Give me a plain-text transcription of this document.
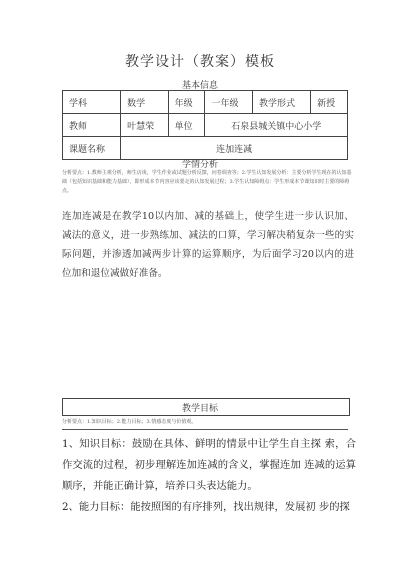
教学设计（教案）模板
基本信息
学科	数学	年级	一年级	教学形式	新授
教师	叶慧荣	单位	石泉县城关镇中心小学		
课题名称	连加连减				
学情分析
分析要点：1.教师主观分析，师生访谈，学生作业或试题分析反馈，问卷调查等；2.学生认知发展分析：主要分析学生现在的认知基础（包括知识基础和能力基础），即形成本节内容应该要走的认知发展过程；3.学生认知障碍点：学生形成本节课知识时主要的障碍点。
连加连减是在教学10以内加、减的基础上，使学生进一步认识加、 减法的意义，进一步熟练加、减法的口算，学习解决稍复杂一些的实 际问题，并渗透加减两步计算的运算顺序，为后面学习20以内的进 位加和退位减做好准备。
教学目标
分析要点：1.知识目标；2.能力目标；3.情感态度与价值观。
1、知识目标：鼓励在具体、鲜明的情景中让学生自主探 索，合作交流的过程，初步理解连加连减的含义，掌握连加 连减的运算顺序，并能正确计算，培养口头表达能力。
2、能力目标：能按照图的有序排列，找出规律，发展初 步的探
